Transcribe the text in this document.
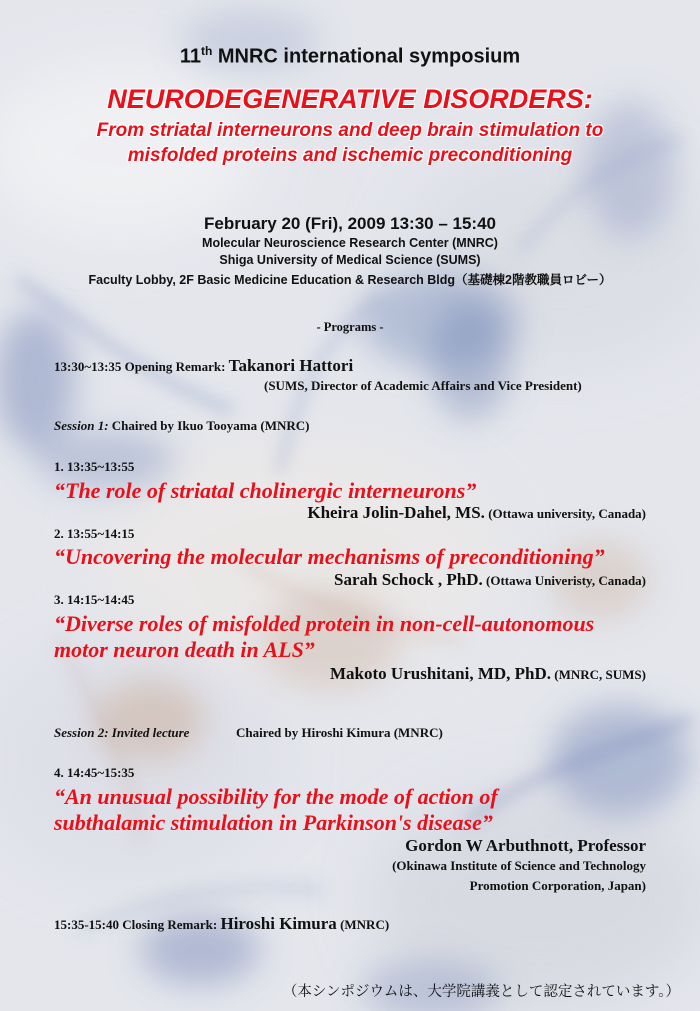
11th MNRC international symposium
NEURODEGENERATIVE DISORDERS:
From striatal interneurons and deep brain stimulation to
misfolded proteins and ischemic preconditioning
February 20 (Fri), 2009 13:30 – 15:40
Molecular Neuroscience Research Center (MNRC)
Shiga University of Medical Science (SUMS)
Faculty Lobby, 2F Basic Medicine Education & Research Bldg（基礎棟2階教職員ロビー）
- Programs -
13:30~13:35 Opening Remark: Takanori Hattori
(SUMS, Director of Academic Affairs and Vice President)
Session 1: Chaired by Ikuo Tooyama (MNRC)
1. 13:35~13:55
“The role of striatal cholinergic interneurons”
Kheira Jolin-Dahel, MS. (Ottawa university, Canada)
2. 13:55~14:15
“Uncovering the molecular mechanisms of preconditioning”
Sarah Schock , PhD. (Ottawa Univeristy, Canada)
3. 14:15~14:45
“Diverse roles of misfolded protein in non-cell-autonomous
motor neuron death in ALS”
Makoto Urushitani, MD, PhD. (MNRC, SUMS)
Session 2: Invited lecture	Chaired by Hiroshi Kimura (MNRC)
4. 14:45~15:35
“An unusual possibility for the mode of action of
subthalamic stimulation in Parkinson's disease”
Gordon W Arbuthnott, Professor
(Okinawa Institute of Science and Technology
Promotion Corporation, Japan)
15:35-15:40 Closing Remark: Hiroshi Kimura (MNRC)
（本シンポジウムは、大学院講義として認定されています。）
